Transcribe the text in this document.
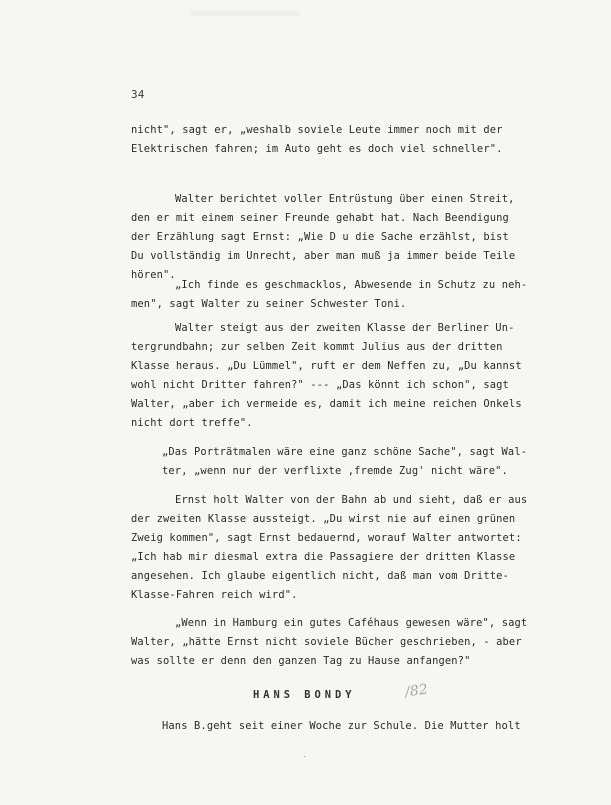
34
nicht", sagt er, „weshalb soviele Leute immer noch mit der
Elektrischen fahren; im Auto geht es doch viel schneller".
Walter berichtet voller Entrüstung über einen Streit,
den er mit einem seiner Freunde gehabt hat. Nach Beendigung
der Erzählung sagt Ernst: „Wie D u die Sache erzählst, bist
Du vollständig im Unrecht, aber man muß ja immer beide Teile
hören".
„Ich finde es geschmacklos, Abwesende in Schutz zu neh-
men", sagt Walter zu seiner Schwester Toni.
Walter steigt aus der zweiten Klasse der Berliner Un-
tergrundbahn; zur selben Zeit kommt Julius aus der dritten
Klasse heraus. „Du Lümmel", ruft er dem Neffen zu, „Du kannst
wohl nicht Dritter fahren?" --- „Das könnt ich schon", sagt
Walter, „aber ich vermeide es, damit ich meine reichen Onkels
nicht dort treffe".
„Das Porträtmalen wäre eine ganz schöne Sache", sagt Wal-
ter, „wenn nur der verflixte ‚fremde Zug' nicht wäre".
Ernst holt Walter von der Bahn ab und sieht, daß er aus
der zweiten Klasse aussteigt. „Du wirst nie auf einen grünen
Zweig kommen", sagt Ernst bedauernd, worauf Walter antwortet:
„Ich hab mir diesmal extra die Passagiere der dritten Klasse
angesehen. Ich glaube eigentlich nicht, daß man vom Dritte-
Klasse-Fahren reich wird".
„Wenn in Hamburg ein gutes Caféhaus gewesen wäre", sagt
Walter, „hätte Ernst nicht soviele Bücher geschrieben, - aber
was sollte er denn den ganzen Tag zu Hause anfangen?"
HANS BONDY	/82
Hans B.geht seit einer Woche zur Schule. Die Mutter holt
